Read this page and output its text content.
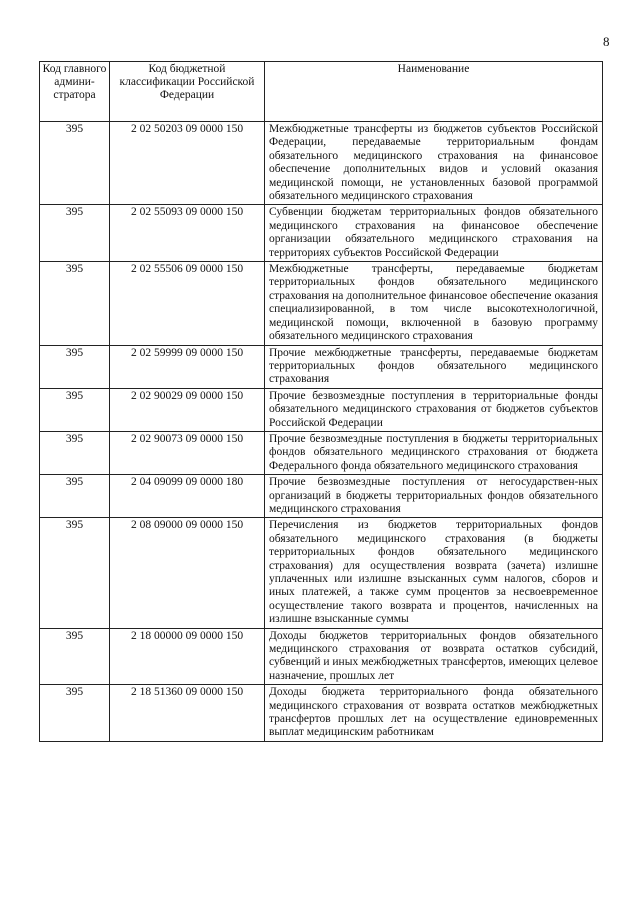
8
Код главного админи-стратора	Код бюджетной классификации Российской Федерации	Наименование
395	2 02 50203 09 0000 150	Межбюджетные трансферты из бюджетов субъектов Российской Федерации, передаваемые территориальным фондам обязательного медицинского страхования на финансовое обеспечение дополнительных видов и условий оказания медицинской помощи, не установленных базовой программой обязательного медицинского страхования
395	2 02 55093 09 0000 150	Субвенции бюджетам территориальных фондов обязательного медицинского страхования на финансовое обеспечение организации обязательного медицинского страхования на территориях субъектов Российской Федерации
395	2 02 55506 09 0000 150	Межбюджетные трансферты, передаваемые бюджетам территориальных фондов обязательного медицинского страхования на дополнительное финансовое обеспечение оказания специализированной, в том числе высокотехнологичной, медицинской помощи, включенной в базовую программу обязательного медицинского страхования
395	2 02 59999 09 0000 150	Прочие межбюджетные трансферты, передаваемые бюджетам территориальных фондов обязательного медицинского страхования
395	2 02 90029 09 0000 150	Прочие безвозмездные поступления в территориальные фонды обязательного медицинского страхования от бюджетов субъектов Российской Федерации
395	2 02 90073 09 0000 150	Прочие безвозмездные поступления в бюджеты территориальных фондов обязательного медицинского страхования от бюджета Федерального фонда обязательного медицинского страхования
395	2 04 09099 09 0000 180	Прочие безвозмездные поступления от негосударствен-ных организаций в бюджеты территориальных фондов обязательного медицинского страхования
395	2 08 09000 09 0000 150	Перечисления из бюджетов территориальных фондов обязательного медицинского страхования (в бюджеты территориальных фондов обязательного медицинского страхования) для осуществления возврата (зачета) излишне уплаченных или излишне взысканных сумм налогов, сборов и иных платежей, а также сумм процентов за несвоевременное осуществление такого возврата и процентов, начисленных на излишне взысканные суммы
395	2 18 00000 09 0000 150	Доходы бюджетов территориальных фондов обязательного медицинского страхования от возврата остатков субсидий, субвенций и иных межбюджетных трансфертов, имеющих целевое назначение, прошлых лет
395	2 18 51360 09 0000 150	Доходы бюджета территориального фонда обязательного медицинского страхования от возврата остатков межбюджетных трансфертов прошлых лет на осуществление единовременных выплат медицинским работникам
